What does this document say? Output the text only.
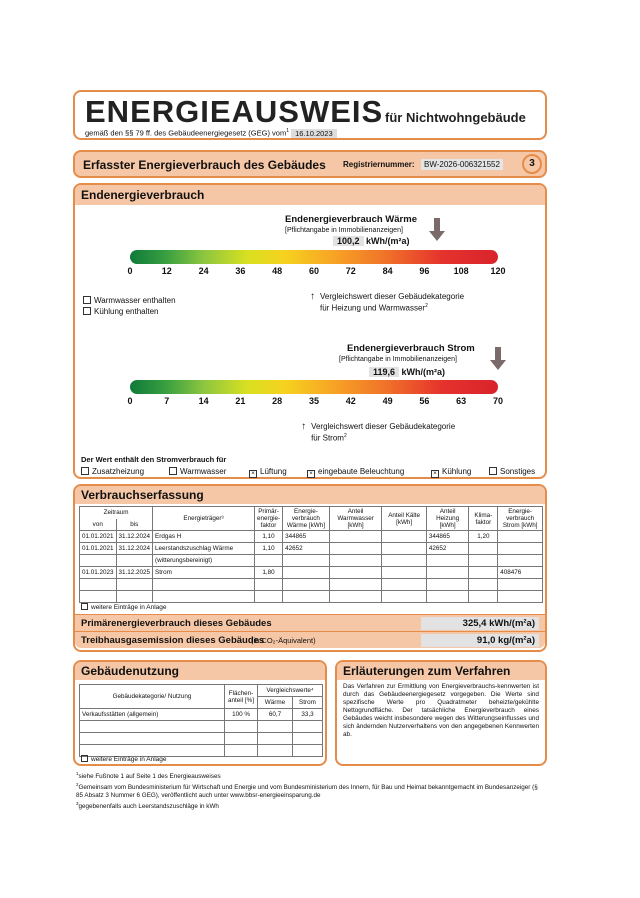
ENERGIEAUSWEIS für Nichtwohngebäude
gemäß den §§ 79 ff. des Gebäudeenergiegesetz (GEG) vom$^1$ 16.10.2023
Erfasster Energieverbrauch des Gebäudes Registriernummer:	BW-2026-006321552	3
Endenergieverbrauch
Endenergieverbrauch Wärme
[Pflichtangabe in Immobilienanzeigen]
100,2 kWh/(m²a)
0	12	24	36	48	60	72	84	96	108 120
Warmwasser enthalten
Kühlung enthalten
↑ Vergleichswert dieser Gebäudekategorie
für Heizung und Warmwasser$^2$
Endenergieverbrauch Strom
[Pflichtangabe in Immobilienanzeigen]
119,6 kWh/(m²a)
0	7	14	21	28	35	42	49	56	63	70
↑ Vergleichswert dieser Gebäudekategorie
für Strom$^2$
Der Wert enthält den Stromverbrauch für
Zusatzheizung	Warmwasser	× Lüftung	× eingebaute Beleuchtung	× Kühlung	Sonstiges
Verbrauchserfassung
Zeitraum		Energieträger³	Primär-energie-faktor	Energie-verbrauch Wärme [kWh]	Anteil Warmwasser [kWh]	Anteil Kälte [kWh]	Anteil Heizung [kWh]	Klima-faktor	Energie-verbrauch Strom [kWh]
von	bis								
01.01.2021	31.12.2024	Erdgas H	1,10	344865			344865	1,20	
01.01.2021	31.12.2024	Leerstandszuschlag Wärme	1,10	42652			42652		
		(witterungsbereinigt)							
01.01.2023	31.12.2025	Strom	1,80						408476

weitere Einträge in Anlage
Primärenergieverbrauch dieses Gebäudes	325,4 kWh/(m²a)
Treibhausgasemission dieses Gebäudes
(in CO₂-Äquivalent)	91,0 kg/(m²a)
Gebäudenutzung
Gebäudekategorie/ Nutzung	Flächen-anteil [%]	Vergleichswerte⁴	
		Wärme	Strom
Verkaufsstätten (allgemein)	100 %	60,7	33,3

weitere Einträge in Anlage
Erläuterungen zum Verfahren
Das Verfahren zur Ermittlung von Energieverbrauchs-kennwerten ist durch das Gebäudeenergiegesetz vorgegeben. Die Werte sind spezifische Werte pro Quadratmeter beheizte/gekühlte Nettogrundfläche. Der tatsächliche Energieverbrauch eines Gebäudes weicht insbesondere wegen des Witterungseinflusses und sich ändernden Nutzerverhaltens von den angegebenen Kennwerten ab.
$^1$siehe Fußnote 1 auf Seite 1 des Energieausweises
$^2$Gemeinsam vom Bundesministerium für Wirtschaft und Energie und vom Bundesministerium des Innern, für Bau und Heimat bekanntgemacht im Bundesanzeiger (§ 85 Absatz 3 Nummer 6 GEG), veröffentlicht auch unter www.bbsr-energieeinsparung.de
$^3$gegebenenfalls auch Leerstandszuschläge in kWh
